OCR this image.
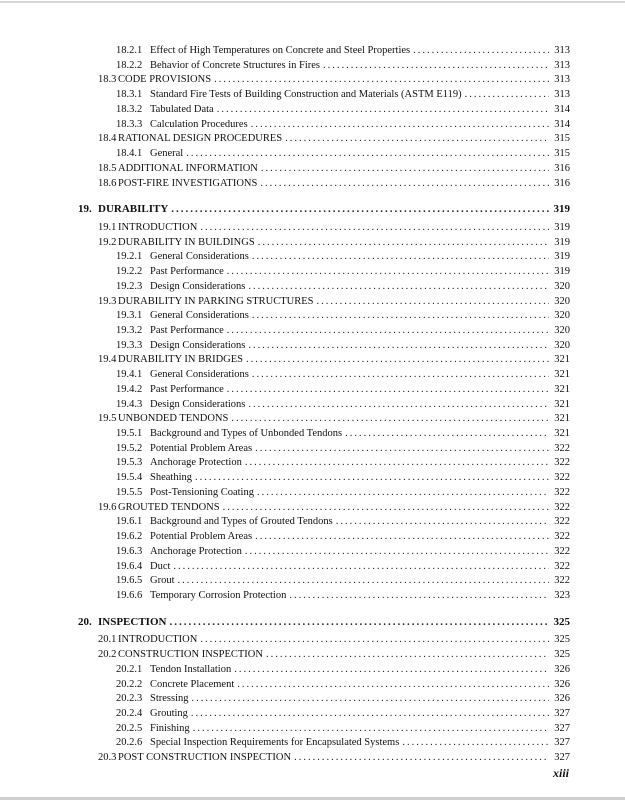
18.2.1 Effect of High Temperatures on Concrete and Steel Properties .....	313
18.2.2 Behavior of Concrete Structures in Fires .....	313
18.3 CODE PROVISIONS .....	313
18.3.1 Standard Fire Tests of Building Construction and Materials (ASTM E119) .....	313
18.3.2 Tabulated Data .....	314
18.3.3 Calculation Procedures .....	314
18.4 RATIONAL DESIGN PROCEDURES .....	315
18.4.1 General .....	315
18.5 ADDITIONAL INFORMATION .....	316
18.6 POST-FIRE INVESTIGATIONS .....	316
19. DURABILITY .....	319
19.1 INTRODUCTION .....	319
19.2 DURABILITY IN BUILDINGS .....	319
19.2.1 General Considerations .....	319
19.2.2 Past Performance .....	319
19.2.3 Design Considerations .....	320
19.3 DURABILITY IN PARKING STRUCTURES .....	320
19.3.1 General Considerations .....	320
19.3.2 Past Performance .....	320
19.3.3 Design Considerations .....	320
19.4 DURABILITY IN BRIDGES .....	321
19.4.1 General Considerations .....	321
19.4.2 Past Performance .....	321
19.4.3 Design Considerations .....	321
19.5 UNBONDED TENDONS .....	321
19.5.1 Background and Types of Unbonded Tendons .....	321
19.5.2 Potential Problem Areas .....	322
19.5.3 Anchorage Protection .....	322
19.5.4 Sheathing .....	322
19.5.5 Post-Tensioning Coating .....	322
19.6 GROUTED TENDONS .....	322
19.6.1 Background and Types of Grouted Tendons .....	322
19.6.2 Potential Problem Areas .....	322
19.6.3 Anchorage Protection .....	322
19.6.4 Duct .....	322
19.6.5 Grout .....	322
19.6.6 Temporary Corrosion Protection .....	323
20. INSPECTION .....	325
20.1 INTRODUCTION .....	325
20.2 CONSTRUCTION INSPECTION .....	325
20.2.1 Tendon Installation .....	326
20.2.2 Concrete Placement .....	326
20.2.3 Stressing .....	326
20.2.4 Grouting .....	327
20.2.5 Finishing .....	327
20.2.6 Special Inspection Requirements for Encapsulated Systems .....	327
20.3 POST CONSTRUCTION INSPECTION .....	327
xiii
